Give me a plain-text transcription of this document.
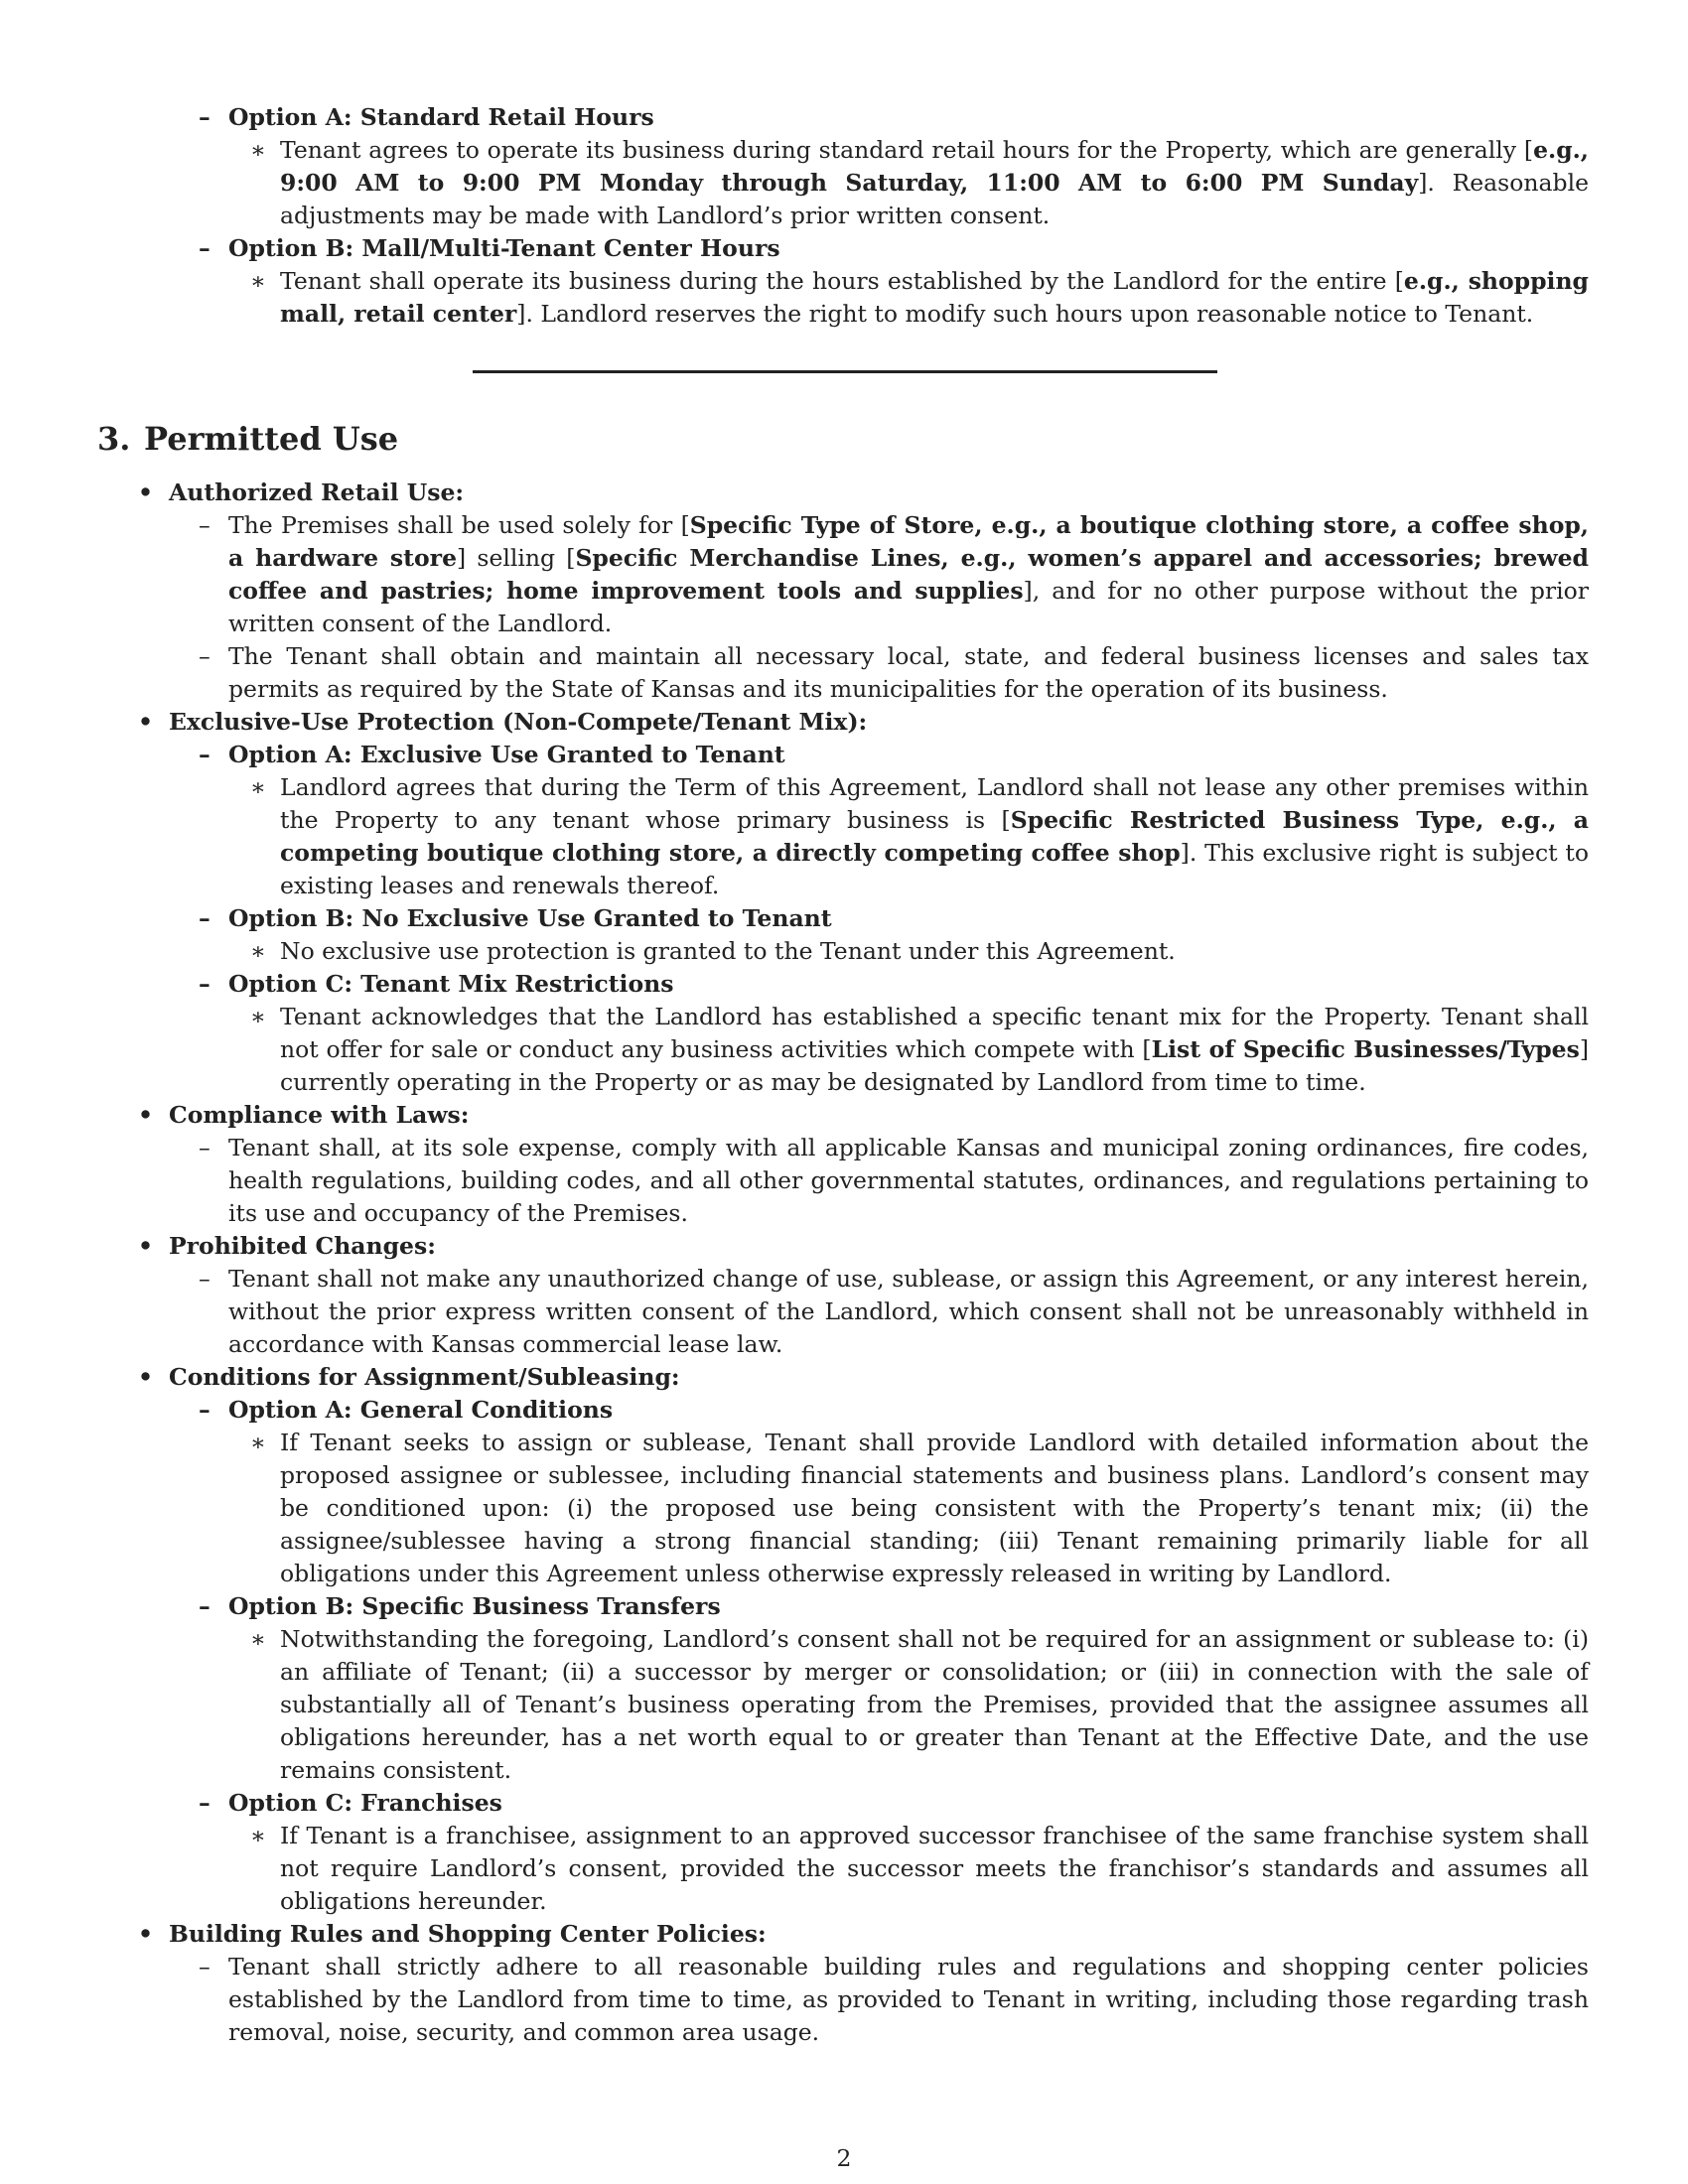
– Option A: Standard Retail Hours
∗ Tenant agrees to operate its business during standard retail hours for the Property, which are generally [e.g., 9:00 AM to 9:00 PM Monday through Saturday, 11:00 AM to 6:00 PM Sunday]. Reasonable adjustments may be made with Landlord’s prior written consent.
– Option B: Mall/Multi-Tenant Center Hours
∗ Tenant shall operate its business during the hours established by the Landlord for the entire [e.g., shopping mall, retail center]. Landlord reserves the right to modify such hours upon reasonable notice to Tenant.
3. Permitted Use
• Authorized Retail Use:
– The Premises shall be used solely for [Specific Type of Store, e.g., a boutique clothing store, a coffee shop, a hardware store] selling [Specific Merchandise Lines, e.g., women’s apparel and accessories; brewed coffee and pastries; home improvement tools and supplies], and for no other purpose without the prior written consent of the Landlord.
– The Tenant shall obtain and maintain all necessary local, state, and federal business licenses and sales tax permits as required by the State of Kansas and its municipalities for the operation of its business.
• Exclusive-Use Protection (Non-Compete/Tenant Mix):
– Option A: Exclusive Use Granted to Tenant
∗ Landlord agrees that during the Term of this Agreement, Landlord shall not lease any other premises within the Property to any tenant whose primary business is [Specific Restricted Business Type, e.g., a competing boutique clothing store, a directly competing coffee shop]. This exclusive right is subject to existing leases and renewals thereof.
– Option B: No Exclusive Use Granted to Tenant
∗ No exclusive use protection is granted to the Tenant under this Agreement.
– Option C: Tenant Mix Restrictions
∗ Tenant acknowledges that the Landlord has established a specific tenant mix for the Property. Tenant shall not offer for sale or conduct any business activities which compete with [List of Specific Businesses/Types] currently operating in the Property or as may be designated by Landlord from time to time.
• Compliance with Laws:
– Tenant shall, at its sole expense, comply with all applicable Kansas and municipal zoning ordinances, fire codes, health regulations, building codes, and all other governmental statutes, ordinances, and regulations pertaining to its use and occupancy of the Premises.
• Prohibited Changes:
– Tenant shall not make any unauthorized change of use, sublease, or assign this Agreement, or any interest herein, without the prior express written consent of the Landlord, which consent shall not be unreasonably withheld in accordance with Kansas commercial lease law.
• Conditions for Assignment/Subleasing:
– Option A: General Conditions
∗ If Tenant seeks to assign or sublease, Tenant shall provide Landlord with detailed information about the proposed assignee or sublessee, including financial statements and business plans. Landlord’s consent may be conditioned upon: (i) the proposed use being consistent with the Property’s tenant mix; (ii) the assignee/sublessee having a strong financial standing; (iii) Tenant remaining primarily liable for all obligations under this Agreement unless otherwise expressly released in writing by Landlord.
– Option B: Specific Business Transfers
∗ Notwithstanding the foregoing, Landlord’s consent shall not be required for an assignment or sublease to: (i) an affiliate of Tenant; (ii) a successor by merger or consolidation; or (iii) in connection with the sale of substantially all of Tenant’s business operating from the Premises, provided that the assignee assumes all obligations hereunder, has a net worth equal to or greater than Tenant at the Effective Date, and the use remains consistent.
– Option C: Franchises
∗ If Tenant is a franchisee, assignment to an approved successor franchisee of the same franchise system shall not require Landlord’s consent, provided the successor meets the franchisor’s standards and assumes all obligations hereunder.
• Building Rules and Shopping Center Policies:
– Tenant shall strictly adhere to all reasonable building rules and regulations and shopping center policies established by the Landlord from time to time, as provided to Tenant in writing, including those regarding trash removal, noise, security, and common area usage.
2
